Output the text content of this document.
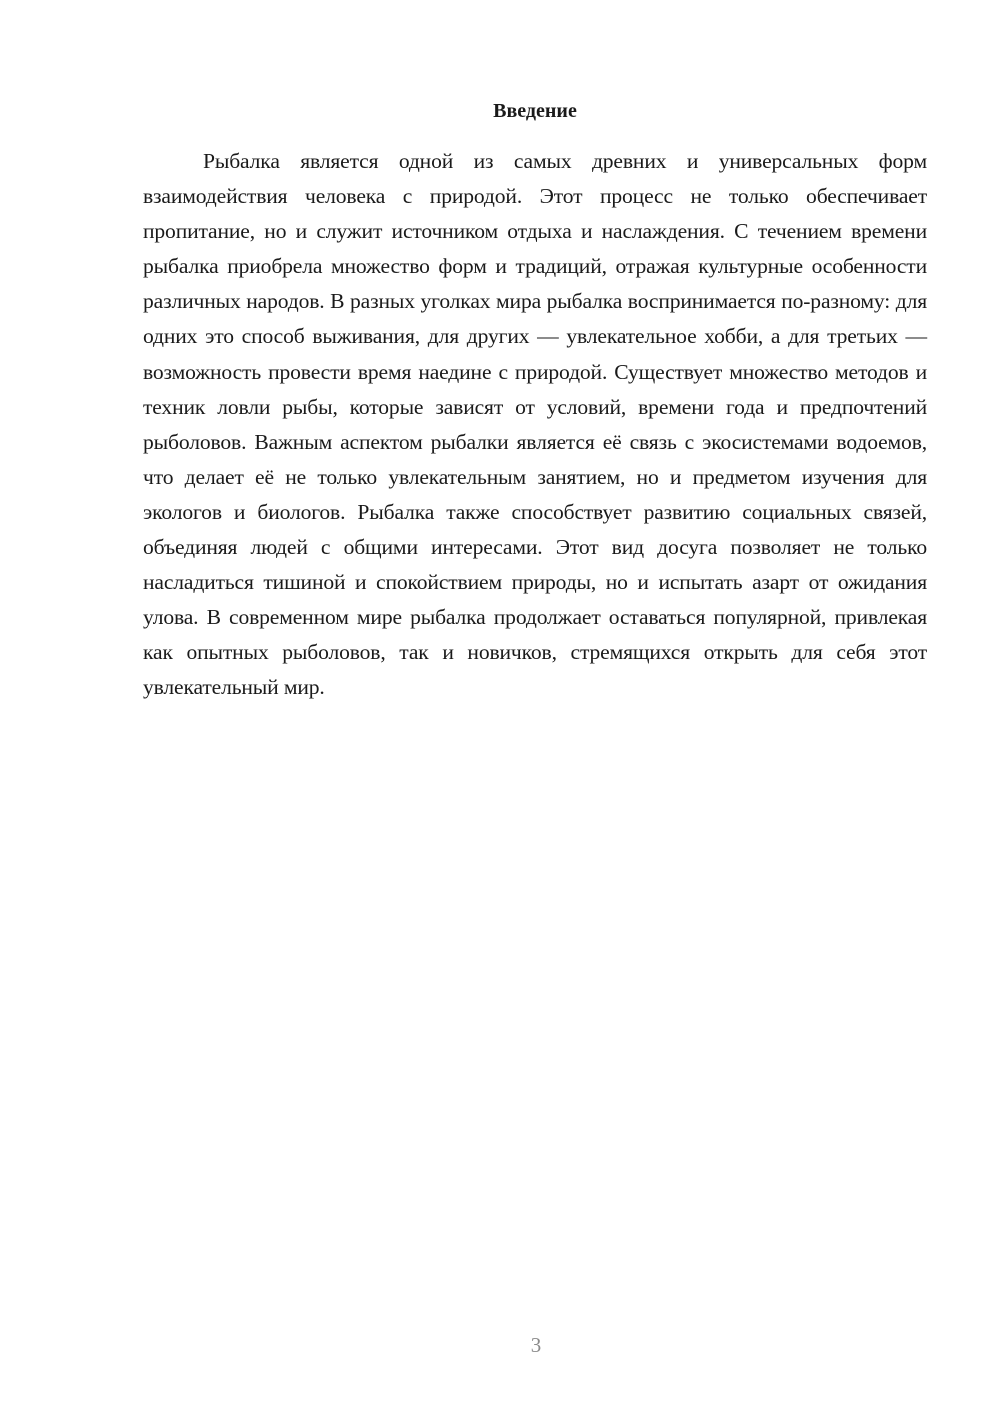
Введение

Рыбалка является одной из самых древних и универсальных форм взаимодействия человека с природой. Этот процесс не только обеспечивает пропитание, но и служит источником отдыха и наслаждения. С течением времени рыбалка приобрела множество форм и традиций, отражая культурные особенности различных народов. В разных уголках мира рыбалка воспринимается по-разному: для одних это способ выживания, для других — увлекательное хобби, а для третьих — возможность провести время наедине с природой. Существует множество методов и техник ловли рыбы, которые зависят от условий, времени года и предпочтений рыболовов. Важным аспектом рыбалки является её связь с экосистемами водоемов, что делает её не только увлекательным занятием, но и предметом изучения для экологов и биологов. Рыбалка также способствует развитию социальных связей, объединяя людей с общими интересами. Этот вид досуга позволяет не только насладиться тишиной и спокойствием природы, но и испытать азарт от ожидания улова. В современном мире рыбалка продолжает оставаться популярной, привлекая как опытных рыболовов, так и новичков, стремящихся открыть для себя этот увлекательный мир.

3
